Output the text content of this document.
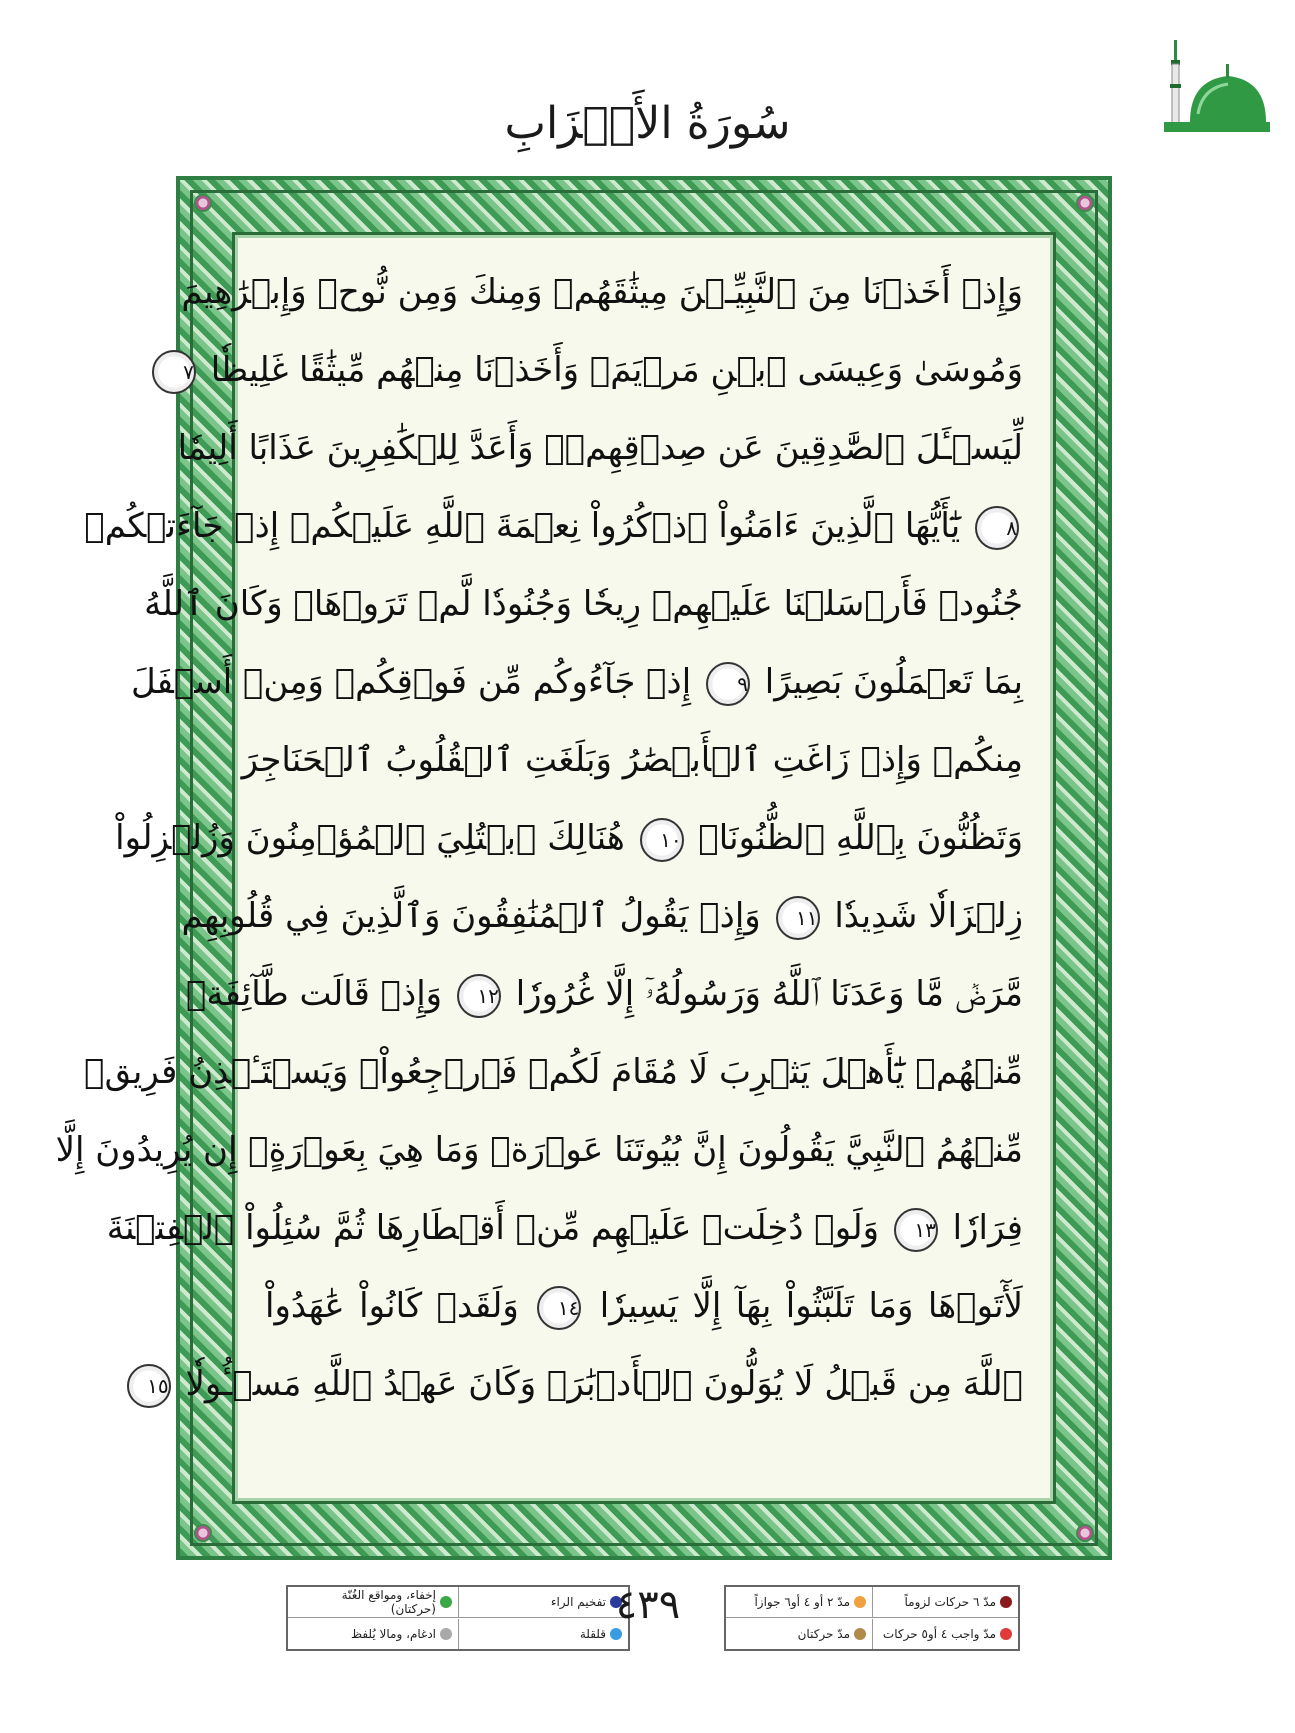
سُورَةُ الأَحۡزَابِ
وَإِذۡ أَخَذۡنَا مِنَ ٱلنَّبِيِّـۧنَ مِيثَٰقَهُمۡ وَمِنكَ وَمِن نُّوحٖ وَإِبۡرَٰهِيمَ
وَمُوسَىٰ وَعِيسَى ٱبۡنِ مَرۡيَمَۖ وَأَخَذۡنَا مِنۡهُم مِّيثَٰقًا غَلِيظٗا ٧
لِّيَسۡـَٔلَ ٱلصَّٰدِقِينَ عَن صِدۡقِهِمۡۚ وَأَعَدَّ لِلۡكَٰفِرِينَ عَذَابًا أَلِيمٗا
٨ يَٰٓأَيُّهَا ٱلَّذِينَ ءَامَنُواْ ٱذۡكُرُواْ نِعۡمَةَ ٱللَّهِ عَلَيۡكُمۡ إِذۡ جَآءَتۡكُمۡ
جُنُودٞ فَأَرۡسَلۡنَا عَلَيۡهِمۡ رِيحٗا وَجُنُودٗا لَّمۡ تَرَوۡهَاۚ وَكَانَ ٱللَّهُ
بِمَا تَعۡمَلُونَ بَصِيرًا ٩ إِذۡ جَآءُوكُم مِّن فَوۡقِكُمۡ وَمِنۡ أَسۡفَلَ
مِنكُمۡ وَإِذۡ زَاغَتِ ٱلۡأَبۡصَٰرُ وَبَلَغَتِ ٱلۡقُلُوبُ ٱلۡحَنَاجِرَ
وَتَظُنُّونَ بِٱللَّهِ ٱلظُّنُونَا۠ ١٠ هُنَالِكَ ٱبۡتُلِيَ ٱلۡمُؤۡمِنُونَ وَزُلۡزِلُواْ
زِلۡزَالٗا شَدِيدٗا ١١ وَإِذۡ يَقُولُ ٱلۡمُنَٰفِقُونَ وَٱلَّذِينَ فِي قُلُوبِهِم
مَّرَضٞ مَّا وَعَدَنَا ٱللَّهُ وَرَسُولُهُۥٓ إِلَّا غُرُورٗا ١٢ وَإِذۡ قَالَت طَّآئِفَةٞ
مِّنۡهُمۡ يَٰٓأَهۡلَ يَثۡرِبَ لَا مُقَامَ لَكُمۡ فَٱرۡجِعُواْۚ وَيَسۡتَـٔۡذِنُ فَرِيقٞ
مِّنۡهُمُ ٱلنَّبِيَّ يَقُولُونَ إِنَّ بُيُوتَنَا عَوۡرَةٞ وَمَا هِيَ بِعَوۡرَةٍۖ إِن يُرِيدُونَ إِلَّا
فِرَارٗا ١٣ وَلَوۡ دُخِلَتۡ عَلَيۡهِم مِّنۡ أَقۡطَارِهَا ثُمَّ سُئِلُواْ ٱلۡفِتۡنَةَ
لَأٓتَوۡهَا وَمَا تَلَبَّثُواْ بِهَآ إِلَّا يَسِيرٗا ١٤ وَلَقَدۡ كَانُواْ عَٰهَدُواْ
ٱللَّهَ مِن قَبۡلُ لَا يُوَلُّونَ ٱلۡأَدۡبَٰرَۚ وَكَانَ عَهۡدُ ٱللَّهِ مَسۡـُٔولٗا ١٥
تفخيم الراء
إخفاء، ومواقع الغُنّة (حركتان)
قلقلة
ادغام، ومالا يُلفظ
٤٣٩	مدّ ٦ حركات لزوماً
مدّ ٢ أو ٤ أو٦ جوازاً
مدّ واجب ٤ أو٥ حركات
مدّ حركتان
